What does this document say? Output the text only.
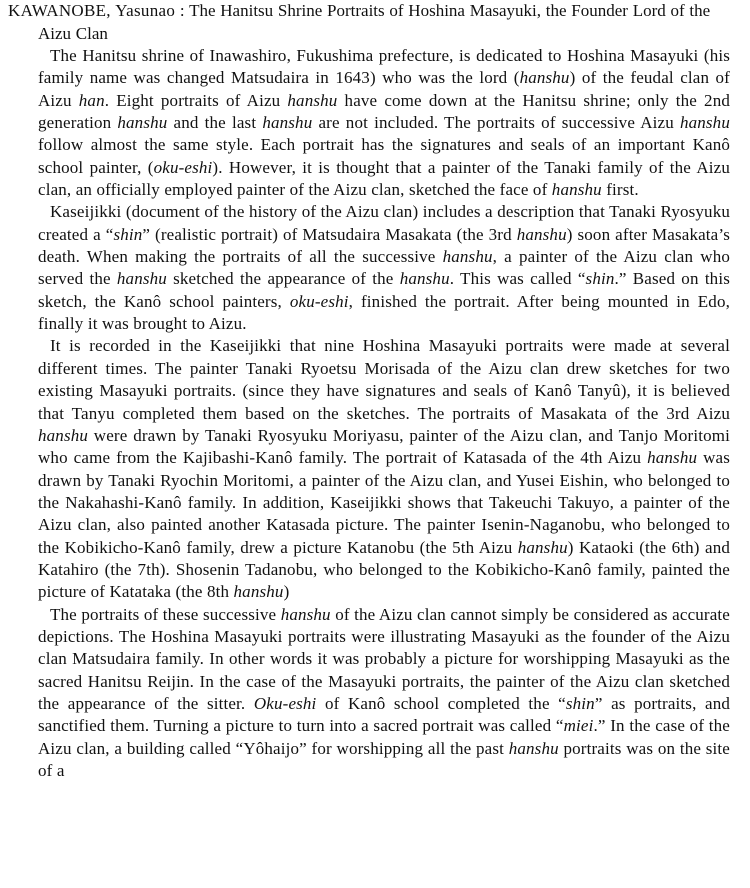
KAWANOBE, Yasunao : The Hanitsu Shrine Portraits of Hoshina Masayuki, the Founder Lord of the Aizu Clan

The Hanitsu shrine of Inawashiro, Fukushima prefecture, is dedicated to Hoshina Masayuki (his family name was changed Matsudaira in 1643) who was the lord (hanshu) of the feudal clan of Aizu han. Eight portraits of Aizu hanshu have come down at the Hanitsu shrine; only the 2nd generation hanshu and the last hanshu are not included. The portraits of successive Aizu hanshu follow almost the same style. Each portrait has the signatures and seals of an important Kanô school painter, (oku-eshi). However, it is thought that a painter of the Tanaki family of the Aizu clan, an officially employed painter of the Aizu clan, sketched the face of hanshu first.

Kaseijikki (document of the history of the Aizu clan) includes a description that Tanaki Ryosyuku created a “shin” (realistic portrait) of Matsudaira Masakata (the 3rd hanshu) soon after Masakata’s death. When making the portraits of all the successive hanshu, a painter of the Aizu clan who served the hanshu sketched the appearance of the hanshu. This was called “shin.” Based on this sketch, the Kanô school painters, oku-eshi, finished the portrait. After being mounted in Edo, finally it was brought to Aizu.

It is recorded in the Kaseijikki that nine Hoshina Masayuki portraits were made at several different times. The painter Tanaki Ryoetsu Morisada of the Aizu clan drew sketches for two existing Masayuki portraits. (since they have signatures and seals of Kanô Tanyû), it is believed that Tanyu completed them based on the sketches. The portraits of Masakata of the 3rd Aizu hanshu were drawn by Tanaki Ryosyuku Moriyasu, painter of the Aizu clan, and Tanjo Moritomi who came from the Kajibashi-Kanô family. The portrait of Katasada of the 4th Aizu hanshu was drawn by Tanaki Ryochin Moritomi, a painter of the Aizu clan, and Yusei Eishin, who belonged to the Nakahashi-Kanô family. In addition, Kaseijikki shows that Takeuchi Takuyo, a painter of the Aizu clan, also painted another Katasada picture. The painter Isenin-Naganobu, who belonged to the Kobikicho-Kanô family, drew a picture Katanobu (the 5th Aizu hanshu) Kataoki (the 6th) and Katahiro (the 7th). Shosenin Tadanobu, who belonged to the Kobikicho-Kanô family, painted the picture of Katataka (the 8th hanshu)

The portraits of these successive hanshu of the Aizu clan cannot simply be considered as accurate depictions. The Hoshina Masayuki portraits were illustrating Masayuki as the founder of the Aizu clan Matsudaira family. In other words it was probably a picture for worshipping Masayuki as the sacred Hanitsu Reijin. In the case of the Masayuki portraits, the painter of the Aizu clan sketched the appearance of the sitter. Oku-eshi of Kanô school completed the “shin” as portraits, and sanctified them. Turning a picture to turn into a sacred portrait was called “miei.” In the case of the Aizu clan, a building called “Yôhaijo” for worshipping all the past hanshu portraits was on the site of a
